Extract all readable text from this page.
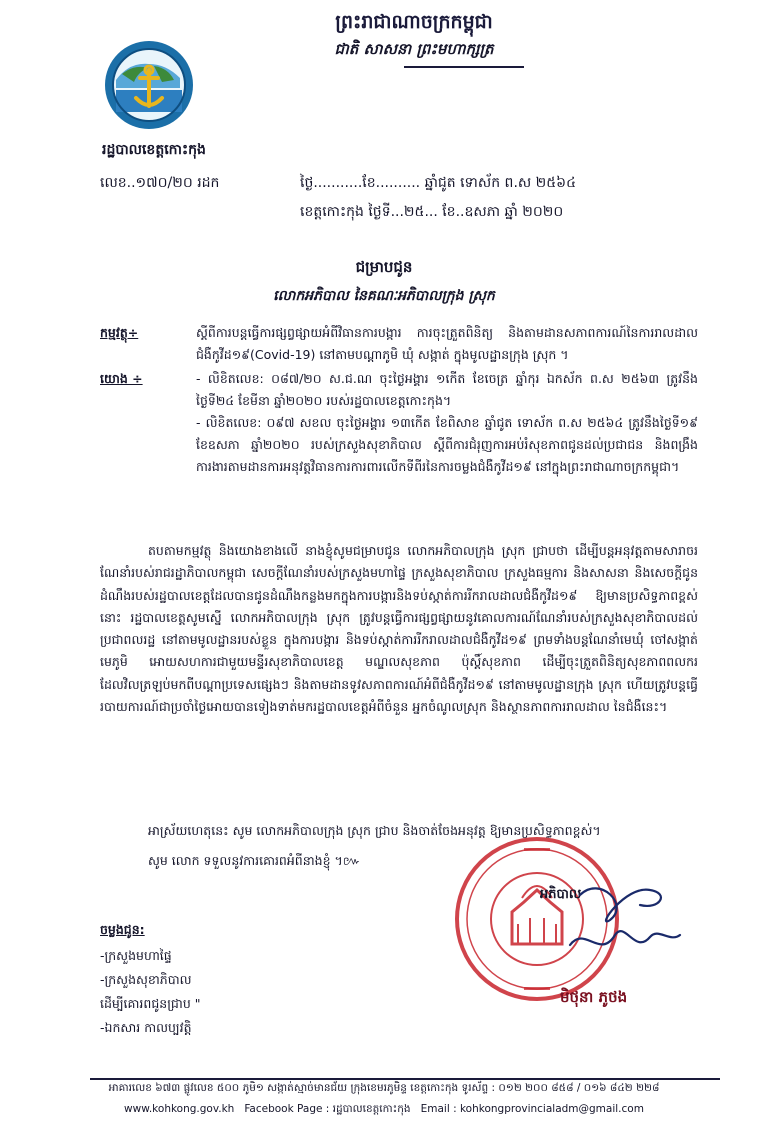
រដ្ឋបាលខេត្តកោះកុង
ព្រះរាជាណាចក្រកម្ពុជា
ជាតិ សាសនា ព្រះមហាក្សត្រ
លេខ..១៧០/២០ រដក	ថ្ងៃ...........ខែ.......... ឆ្នាំជូត ទោស័ក ព.ស ២៥៦៤
ខេត្តកោះកុង ថ្ងៃទី...២៥... ខែ..ឧសភា ឆ្នាំ ២០២០
ជម្រាបជូន
លោកអភិបាល នៃគណៈអភិបាលក្រុង ស្រុក
កម្មវត្ថុ÷	ស្ដីពីការបន្តធ្វើការផ្សព្វផ្សាយអំពីវិធានការបង្ការ ការចុះត្រួតពិនិត្យ និងតាមដានសភាពការណ៍នៃការរាលដាលជំងឺកូវីដ១៩(Covid-19) នៅតាមបណ្តាភូមិ ឃុំ សង្កាត់ ក្នុងមូលដ្ឋានក្រុង ស្រុក ។
យោង ÷	- លិខិតលេខ: ០៨៧/២០ ស.ជ.ណ ចុះថ្ងៃអង្គារ ១កើត ខែចេត្រ ឆ្នាំកុរ ឯកស័ក ព.ស ២៥៦៣ ត្រូវនឹងថ្ងៃទី២៤ ខែមីនា ឆ្នាំ២០២០ របស់រដ្ឋបាលខេត្តកោះកុង។
- លិខិតលេខ: ០៩៧ សខល ចុះថ្ងៃអង្គារ ១៣កេីត ខែពិសាខ ឆ្នាំជូត ទោស័ក ព.ស ២៥៦៤ ត្រូវនឹងថ្ងៃទី១៩ ខែឧសភា ឆ្នាំ២០២០ របស់ក្រសួងសុខាភិបាល ស្ដីពីការជំរុញការអប់រំសុខភាពជូនដល់ប្រជាជន និងពង្រឹងការងារតាមដានការអនុវត្តវិធានការការពារលេីកទីពីរនៃការចម្លងជំងឺកូវីដ១៩ នៅក្នុងព្រះរាជាណាចក្រកម្ពុជា។
តបតាមកម្មវត្ថុ និងយោងខាងលើ នាងខ្ញុំសូមជម្រាបជូន លោកអភិបាលក្រុង ស្រុក ជ្រាបថា ដើម្បីបន្តអនុវត្តតាមសារាចរណែនាំរបស់រាជរដ្ឋាភិបាលកម្ពុជា សេចក្តីណែនាំរបស់ក្រសួងមហាផ្ទៃ ក្រសួងសុខាភិបាល ក្រសួងធម្មការ និងសាសនា និងសេចក្តីជូនដំណឹងរបស់រដ្ឋបាលខេត្តដែលបានជូនដំណឹងកន្លងមកក្នុងការបង្ការនិងទប់ស្កាត់ការរីករាលដាលជំងឺកូវីដ១៩ ឱ្យមានប្រសិទ្ធភាពខ្ពស់នោះ រដ្ឋបាលខេត្តសូមស្នើ លោកអភិបាលក្រុង ស្រុក ត្រូវបន្តធ្វើការផ្សព្វផ្សាយនូវគោលការណ៍ណែនាំរបស់ក្រសួងសុខាភិបាលដល់ប្រជាពលរដ្ឋ នៅតាមមូលដ្ឋានរបស់ខ្លួន ក្នុងការបង្ការ និងទប់ស្កាត់ការរីករាលដាលជំងឺកូវីដ១៩ ព្រមទាំងបន្តណែនាំមេឃុំ ចៅសង្កាត់ មេភូមិ អោយសហការជាមួយមន្ទីរសុខាភិបាលខេត្ត មណ្ឌលសុខភាព ប៉ុស្តិ៍សុខភាព ដើម្បីចុះត្រួតពិនិត្យសុខភាពពលករដែលវិលត្រឡប់មកពីបណ្តាប្រទេសផ្សេងៗ និងតាមដានទូវសភាពការណ៍អំពីជំងឺកូវីដ១៩ នៅតាមមូលដ្ឋានក្រុង ស្រុក ហើយត្រូវបន្តធ្វើរបាយការណ៍ជាប្រចាំថ្ងៃអោយបានទៀងទាត់មករដ្ឋបាលខេត្តអំពីចំនួន អ្នកចំណូលស្រុក និងស្ថានភាពការរាលដាល នៃជំងឺនេះ។
អាស្រ័យហេតុនេះ សូម លោកអភិបាលក្រុង ស្រុក ជ្រាប និងចាត់ចែងអនុវត្ត ឱ្យមានប្រសិទ្ធភាពខ្ពស់។
សូម លោក ទទួលនូវការគោរពអំពីនាងខ្ញុំ ។៚
អភិបាល
មិថុនា ភូថង
ចម្លងជូន:
-ក្រសួងមហាផ្ទៃ
-ក្រសួងសុខាភិបាល
ដើម្បីគោរពជូនជ្រាប "
-ឯកសារ កាលប្បវត្តិ
អាគារលេខ ៦៧៣ ផ្លូវលេខ ៥០០ ភូមិ១ សង្កាត់ស្មាច់មានជ័យ ក្រុងខេមរភូមិន្ទ ខេត្តកោះកុង ទូរស័ព្ទ : ០១២ ២០០ ៨៥៨ / ០១៦ ៨៤២ ២២៨
www.kohkong.gov.kh Facebook Page : រដ្ឋបាលខេត្តកោះកុង Email : kohkongprovincialadm@gmail.com
